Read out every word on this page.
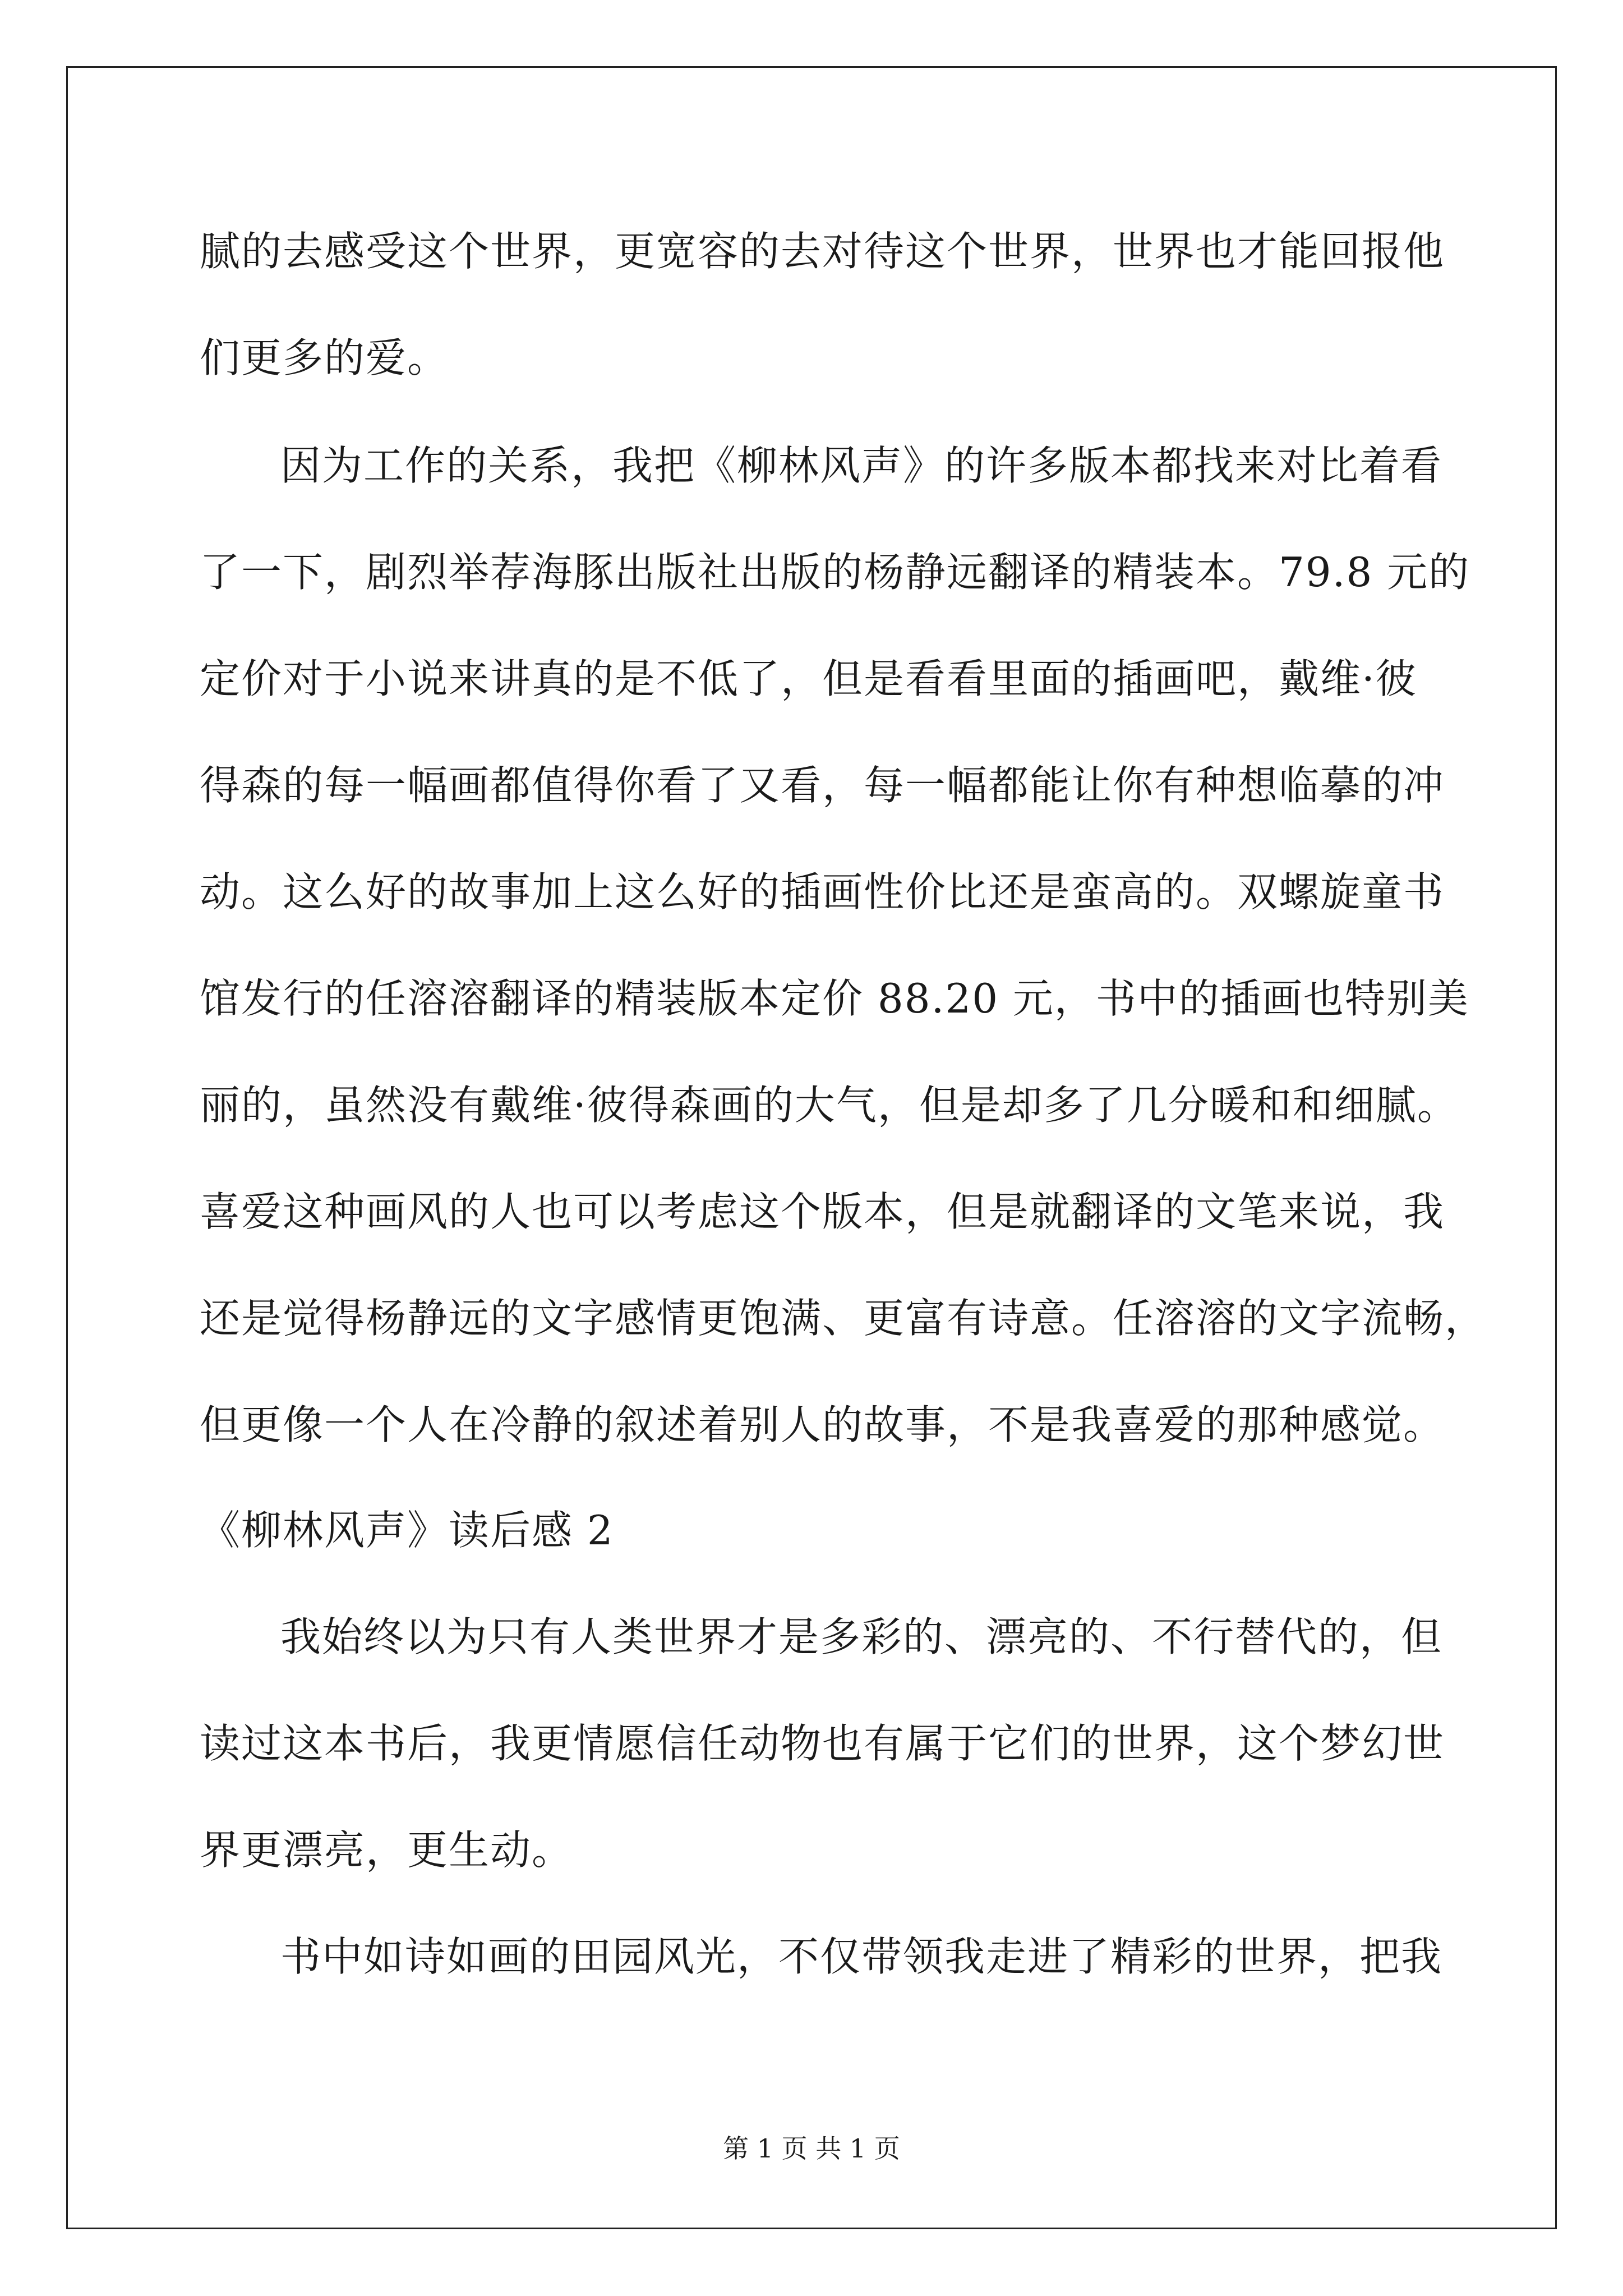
腻的去感受这个世界，更宽容的去对待这个世界，世界也才能回报他
们更多的爱。
因为工作的关系，我把《柳林风声》的许多版本都找来对比着看
了一下，剧烈举荐海豚出版社出版的杨静远翻译的精装本。79.8 元的
定价对于小说来讲真的是不低了，但是看看里面的插画吧，戴维·彼
得森的每一幅画都值得你看了又看，每一幅都能让你有种想临摹的冲
动。这么好的故事加上这么好的插画性价比还是蛮高的。双螺旋童书
馆发行的任溶溶翻译的精装版本定价 88.20 元，书中的插画也特别美
丽的，虽然没有戴维·彼得森画的大气，但是却多了几分暖和和细腻。
喜爱这种画风的人也可以考虑这个版本，但是就翻译的文笔来说，我
还是觉得杨静远的文字感情更饱满、更富有诗意。任溶溶的文字流畅，
但更像一个人在冷静的叙述着别人的故事，不是我喜爱的那种感觉。
《柳林风声》读后感 2
我始终以为只有人类世界才是多彩的、漂亮的、不行替代的，但
读过这本书后，我更情愿信任动物也有属于它们的世界，这个梦幻世
界更漂亮，更生动。
书中如诗如画的田园风光，不仅带领我走进了精彩的世界，把我
第 1 页 共 1 页
